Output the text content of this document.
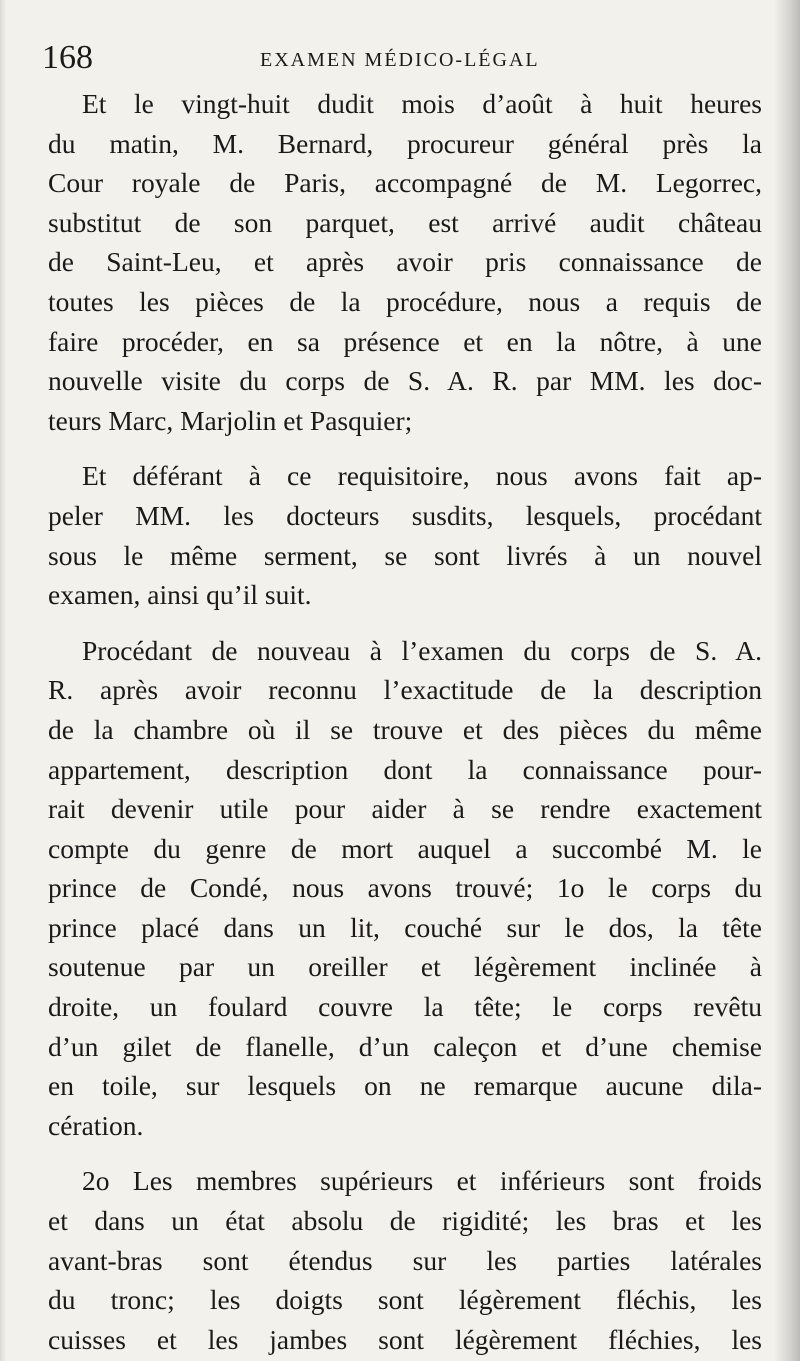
168	EXAMEN MÉDICO-LÉGAL
Et le vingt-huit dudit mois d’août à huit heures
du matin, M. Bernard, procureur général près la
Cour royale de Paris, accompagné de M. Legorrec,
substitut de son parquet, est arrivé audit château
de Saint-Leu, et après avoir pris connaissance de
toutes les pièces de la procédure, nous a requis de
faire procéder, en sa présence et en la nôtre, à une
nouvelle visite du corps de S. A. R. par MM. les doc-
teurs Marc, Marjolin et Pasquier;
Et déférant à ce requisitoire, nous avons fait ap-
peler MM. les docteurs susdits, lesquels, procédant
sous le même serment, se sont livrés à un nouvel
examen, ainsi qu’il suit.
Procédant de nouveau à l’examen du corps de S. A.
R. après avoir reconnu l’exactitude de la description
de la chambre où il se trouve et des pièces du même
appartement, description dont la connaissance pour-
rait devenir utile pour aider à se rendre exactement
compte du genre de mort auquel a succombé M. le
prince de Condé, nous avons trouvé; 1o le corps du
prince placé dans un lit, couché sur le dos, la tête
soutenue par un oreiller et légèrement inclinée à
droite, un foulard couvre la tête; le corps revêtu
d’un gilet de flanelle, d’un caleçon et d’une chemise
en toile, sur lesquels on ne remarque aucune dila-
cération.
2o Les membres supérieurs et inférieurs sont froids
et dans un état absolu de rigidité; les bras et les
avant-bras sont étendus sur les parties latérales
du tronc; les doigts sont légèrement fléchis, les
cuisses et les jambes sont légèrement fléchies, les
